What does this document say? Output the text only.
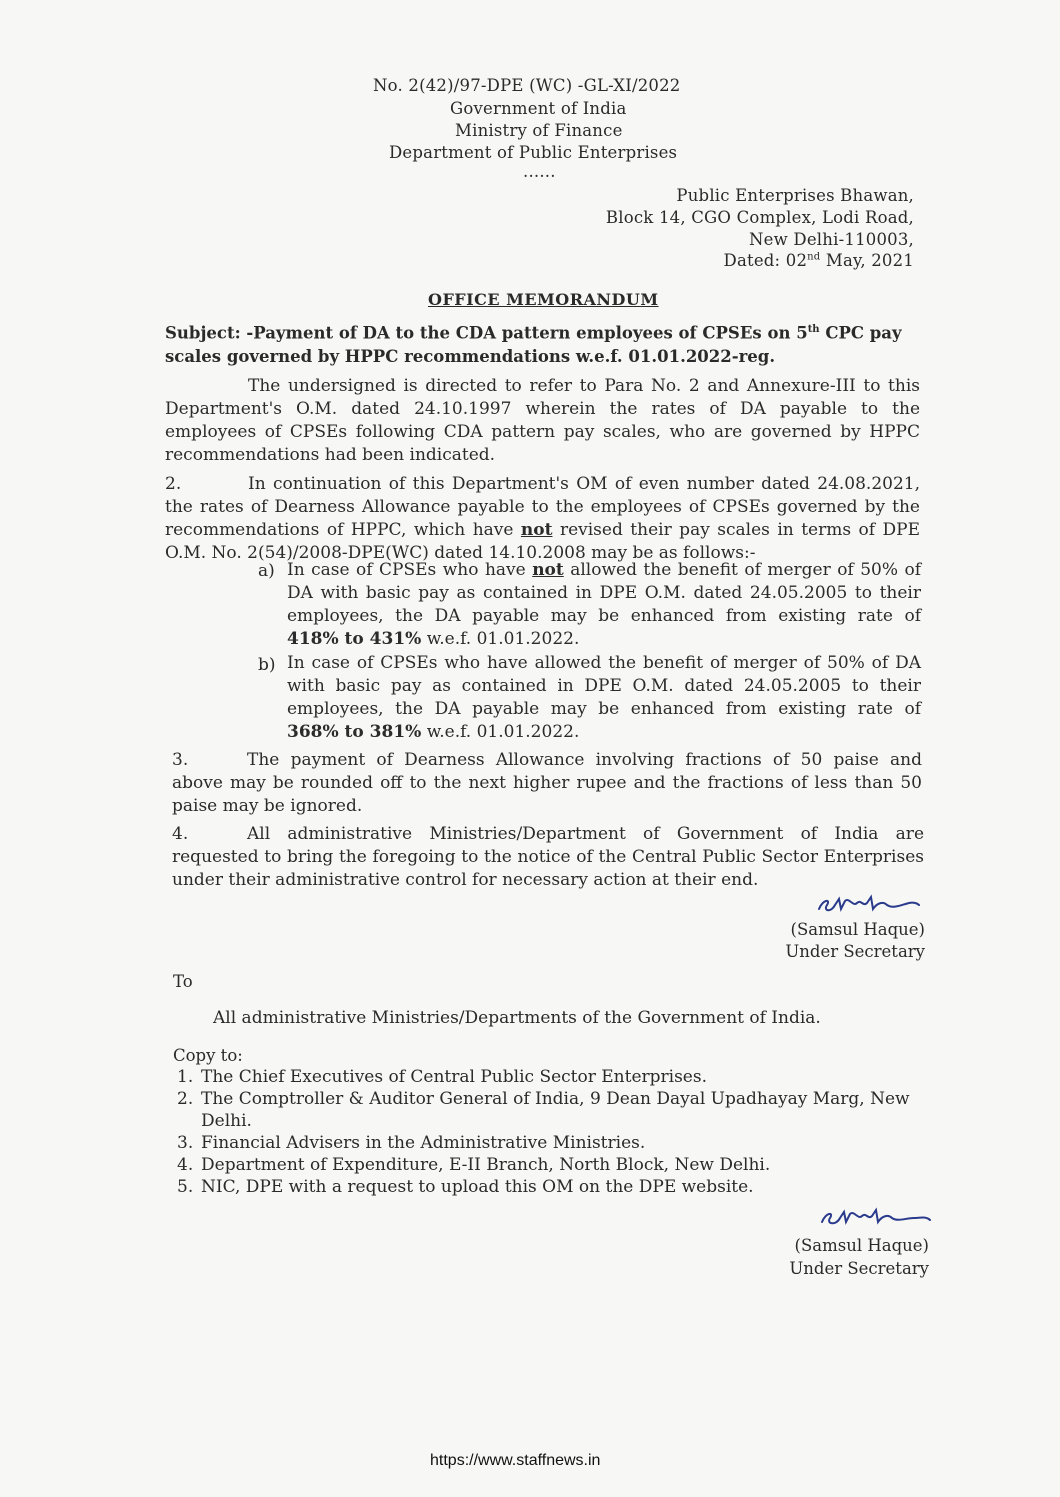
No. 2(42)/97-DPE (WC) -GL-XI/2022
Government of India
Ministry of Finance
Department of Public Enterprises
......
Public Enterprises Bhawan,
Block 14, CGO Complex, Lodi Road,
New Delhi-110003,
Dated: 02nd May, 2021
OFFICE MEMORANDUM
Subject: -Payment of DA to the CDA pattern employees of CPSEs on 5th CPC pay
scales governed by HPPC recommendations w.e.f. 01.01.2022-reg.
The undersigned is directed to refer to Para No. 2 and Annexure-III to this
Department's O.M. dated 24.10.1997 wherein the rates of DA payable to the
employees of CPSEs following CDA pattern pay scales, who are governed by HPPC
recommendations had been indicated.
2.	In continuation of this Department's OM of even number dated 24.08.2021,
the rates of Dearness Allowance payable to the employees of CPSEs governed by the
recommendations of HPPC, which have not revised their pay scales in terms of DPE
O.M. No. 2(54)/2008-DPE(WC) dated 14.10.2008 may be as follows:-
a) In case of CPSEs who have not allowed the benefit of merger of 50% of
DA with basic pay as contained in DPE O.M. dated 24.05.2005 to their
employees, the DA payable may be enhanced from existing rate of
418% to 431% w.e.f. 01.01.2022.
b) In case of CPSEs who have allowed the benefit of merger of 50% of DA
with basic pay as contained in DPE O.M. dated 24.05.2005 to their
employees, the DA payable may be enhanced from existing rate of
368% to 381% w.e.f. 01.01.2022.
3.	The payment of Dearness Allowance involving fractions of 50 paise and
above may be rounded off to the next higher rupee and the fractions of less than 50
paise may be ignored.
4.	All administrative Ministries/Department of Government of India are
requested to bring the foregoing to the notice of the Central Public Sector Enterprises
under their administrative control for necessary action at their end.
(Samsul Haque)
Under Secretary
To
All administrative Ministries/Departments of the Government of India.
Copy to:
1. The Chief Executives of Central Public Sector Enterprises.
2. The Comptroller & Auditor General of India, 9 Dean Dayal Upadhayay Marg, New
Delhi.
3. Financial Advisers in the Administrative Ministries.
4. Department of Expenditure, E-II Branch, North Block, New Delhi.
5. NIC, DPE with a request to upload this OM on the DPE website.
(Samsul Haque)
Under Secretary
https://www.staffnews.in
